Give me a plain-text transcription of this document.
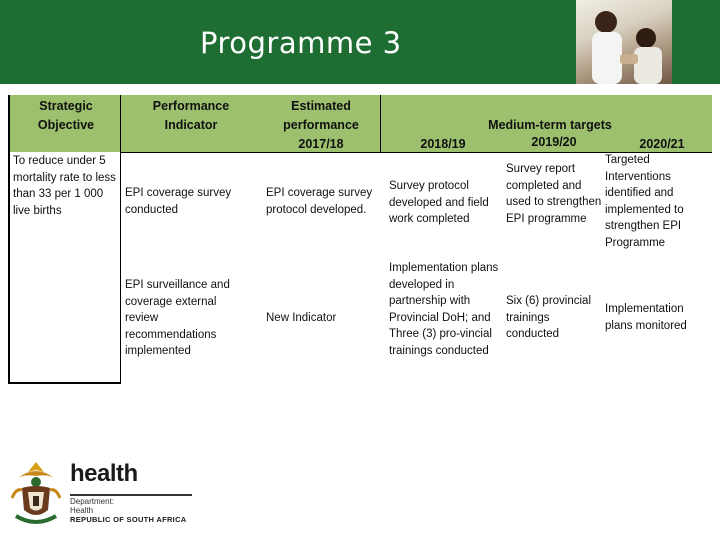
Programme 3
Strategic Objective
Performance Indicator
Estimated performance 2017/18
Medium-term targets
2018/19	2019/20	2020/21
To reduce under 5 mortality rate to less than 33 per 1 000 live births
EPI coverage survey conducted
EPI coverage survey protocol developed.
Survey protocol developed and field work completed
Survey report completed and used to strengthen EPI programme
Targeted Interventions identified and implemented to strengthen EPI Programme
EPI surveillance and coverage external review recommendations implemented
New Indicator
Implementation plans developed in partnership with Provincial DoH; and Three (3) pro-vincial trainings conducted
Six (6) provincial trainings conducted
Implementation plans monitored
health
Department:
Health
REPUBLIC OF SOUTH AFRICA
